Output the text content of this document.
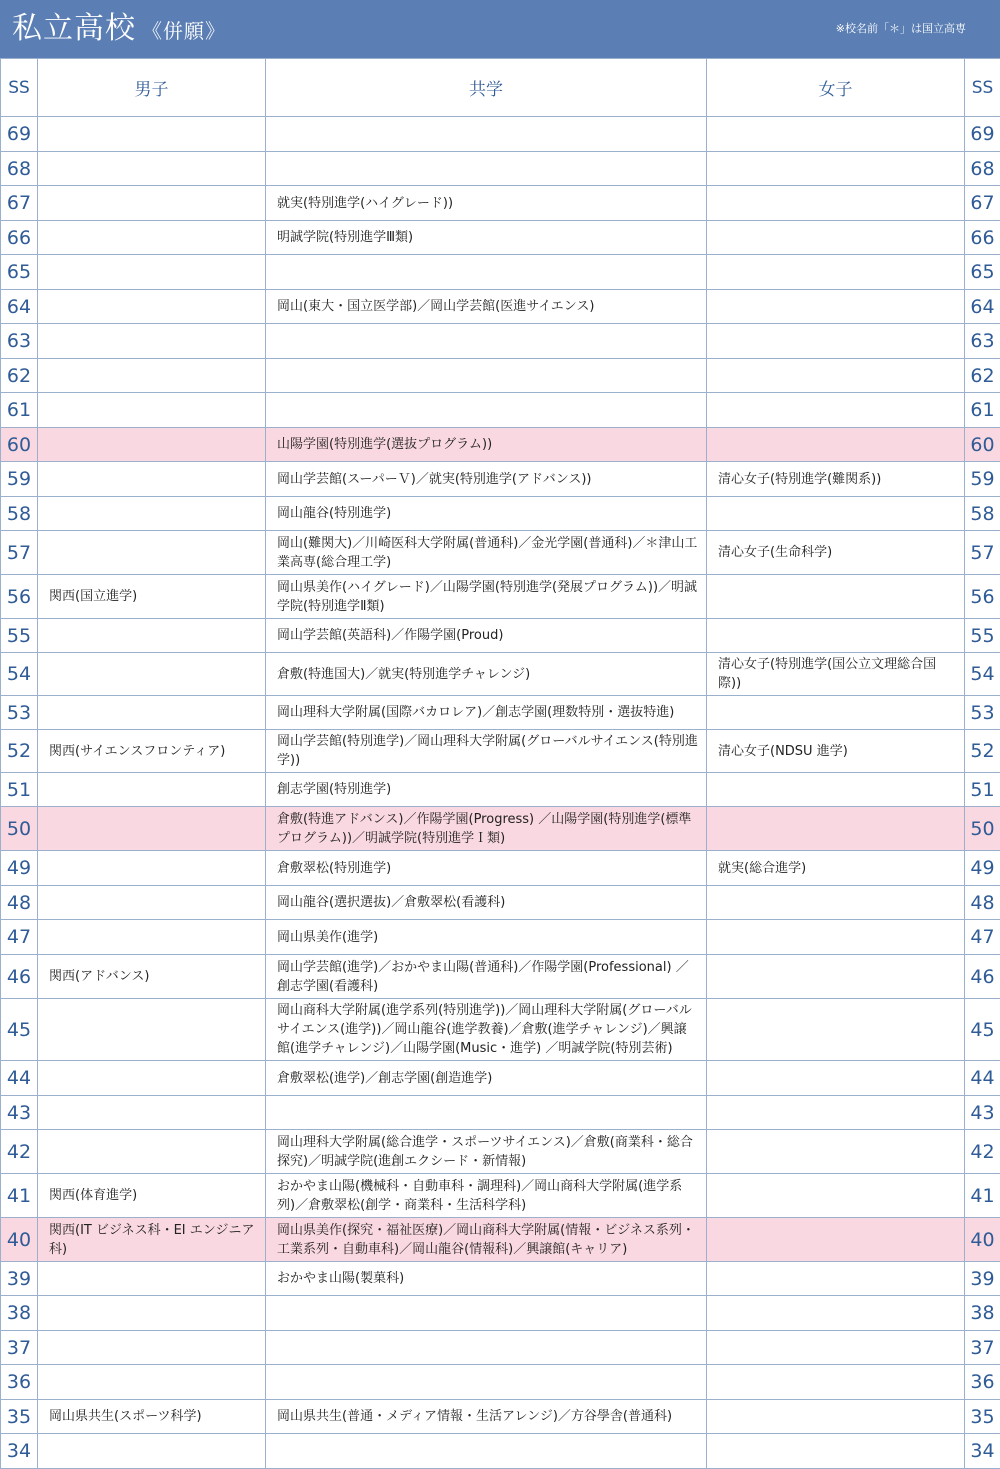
私立高校 《併願》	※校名前「＊」は国立高専
SS	男子	共学	女子	SS
69				69
68				68
67		就実(特別進学(ハイグレード))		67
66		明誠学院(特別進学Ⅲ類)		66
65				65
64		岡山(東大・国立医学部)／岡山学芸館(医進サイエンス)		64
63				63
62				62
61				61
60		山陽学園(特別進学(選抜プログラム))		60
59		岡山学芸館(スーパーＶ)／就実(特別進学(アドバンス))	清心女子(特別進学(難関系))	59
58		岡山龍谷(特別進学)		58
57		岡山(難関大)／川崎医科大学附属(普通科)／金光学園(普通科)／＊津山工業高専(総合理工学)	清心女子(生命科学)	57
56	関西(国立進学)	岡山県美作(ハイグレード)／山陽学園(特別進学(発展プログラム))／明誠学院(特別進学Ⅱ類)		56
55		岡山学芸館(英語科)／作陽学園(Proud)		55
54		倉敷(特進国大)／就実(特別進学チャレンジ)	清心女子(特別進学(国公立文理総合国際))	54
53		岡山理科大学附属(国際バカロレア)／創志学園(理数特別・選抜特進)		53
52	関西(サイエンスフロンティア)	岡山学芸館(特別進学)／岡山理科大学附属(グローバルサイエンス(特別進学))	清心女子(NDSU 進学)	52
51		創志学園(特別進学)		51
50		倉敷(特進アドバンス)／作陽学園(Progress) ／山陽学園(特別進学(標準プログラム))／明誠学院(特別進学Ｉ類)		50
49		倉敷翠松(特別進学)	就実(総合進学)	49
48		岡山龍谷(選択選抜)／倉敷翠松(看護科)		48
47		岡山県美作(進学)		47
46	関西(アドバンス)	岡山学芸館(進学)／おかやま山陽(普通科)／作陽学園(Professional) ／創志学園(看護科)		46
45		岡山商科大学附属(進学系列(特別進学))／岡山理科大学附属(グローバルサイエンス(進学))／岡山龍谷(進学教養)／倉敷(進学チャレンジ)／興譲館(進学チャレンジ)／山陽学園(Music・進学) ／明誠学院(特別芸術)		45
44		倉敷翠松(進学)／創志学園(創造進学)		44
43				43
42		岡山理科大学附属(総合進学・スポーツサイエンス)／倉敷(商業科・総合探究)／明誠学院(進創エクシード・新情報)		42
41	関西(体育進学)	おかやま山陽(機械科・自動車科・調理科)／岡山商科大学附属(進学系列)／倉敷翠松(創学・商業科・生活科学科)		41
40	関西(IT ビジネス科・EI エンジニア科)	岡山県美作(探究・福祉医療)／岡山商科大学附属(情報・ビジネス系列・工業系列・自動車科)／岡山龍谷(情報科)／興譲館(キャリア)		40
39		おかやま山陽(製菓科)		39
38				38
37				37
36				36
35	岡山県共生(スポーツ科学)	岡山県共生(普通・メディア情報・生活アレンジ)／方谷學舎(普通科)		35
34				34
